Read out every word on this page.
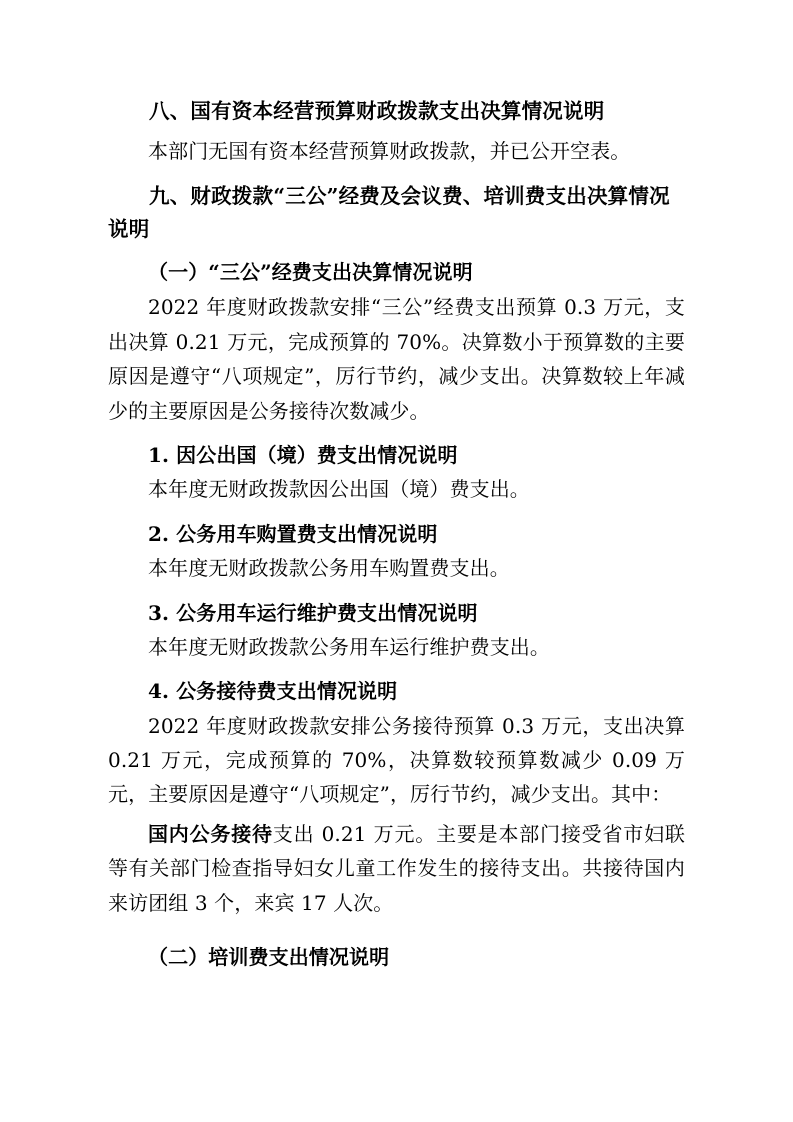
八、国有资本经营预算财政拨款支出决算情况说明

本部门无国有资本经营预算财政拨款，并已公开空表。

九、财政拨款“三公”经费及会议费、培训费支出决算情况说明

（一）“三公”经费支出决算情况说明

2022 年度财政拨款安排“三公”经费支出预算 0.3 万元，支出决算 0.21 万元，完成预算的 70%。决算数小于预算数的主要原因是遵守“八项规定”，厉行节约，减少支出。决算数较上年减少的主要原因是公务接待次数减少。

1. 因公出国（境）费支出情况说明

本年度无财政拨款因公出国（境）费支出。

2. 公务用车购置费支出情况说明

本年度无财政拨款公务用车购置费支出。

3. 公务用车运行维护费支出情况说明

本年度无财政拨款公务用车运行维护费支出。

4. 公务接待费支出情况说明

2022 年度财政拨款安排公务接待预算 0.3 万元，支出决算 0.21 万元，完成预算的 70%，决算数较预算数减少 0.09 万元，主要原因是遵守“八项规定”，厉行节约，减少支出。其中：

国内公务接待支出 0.21 万元。主要是本部门接受省市妇联等有关部门检查指导妇女儿童工作发生的接待支出。共接待国内来访团组 3 个，来宾 17 人次。

（二）培训费支出情况说明
